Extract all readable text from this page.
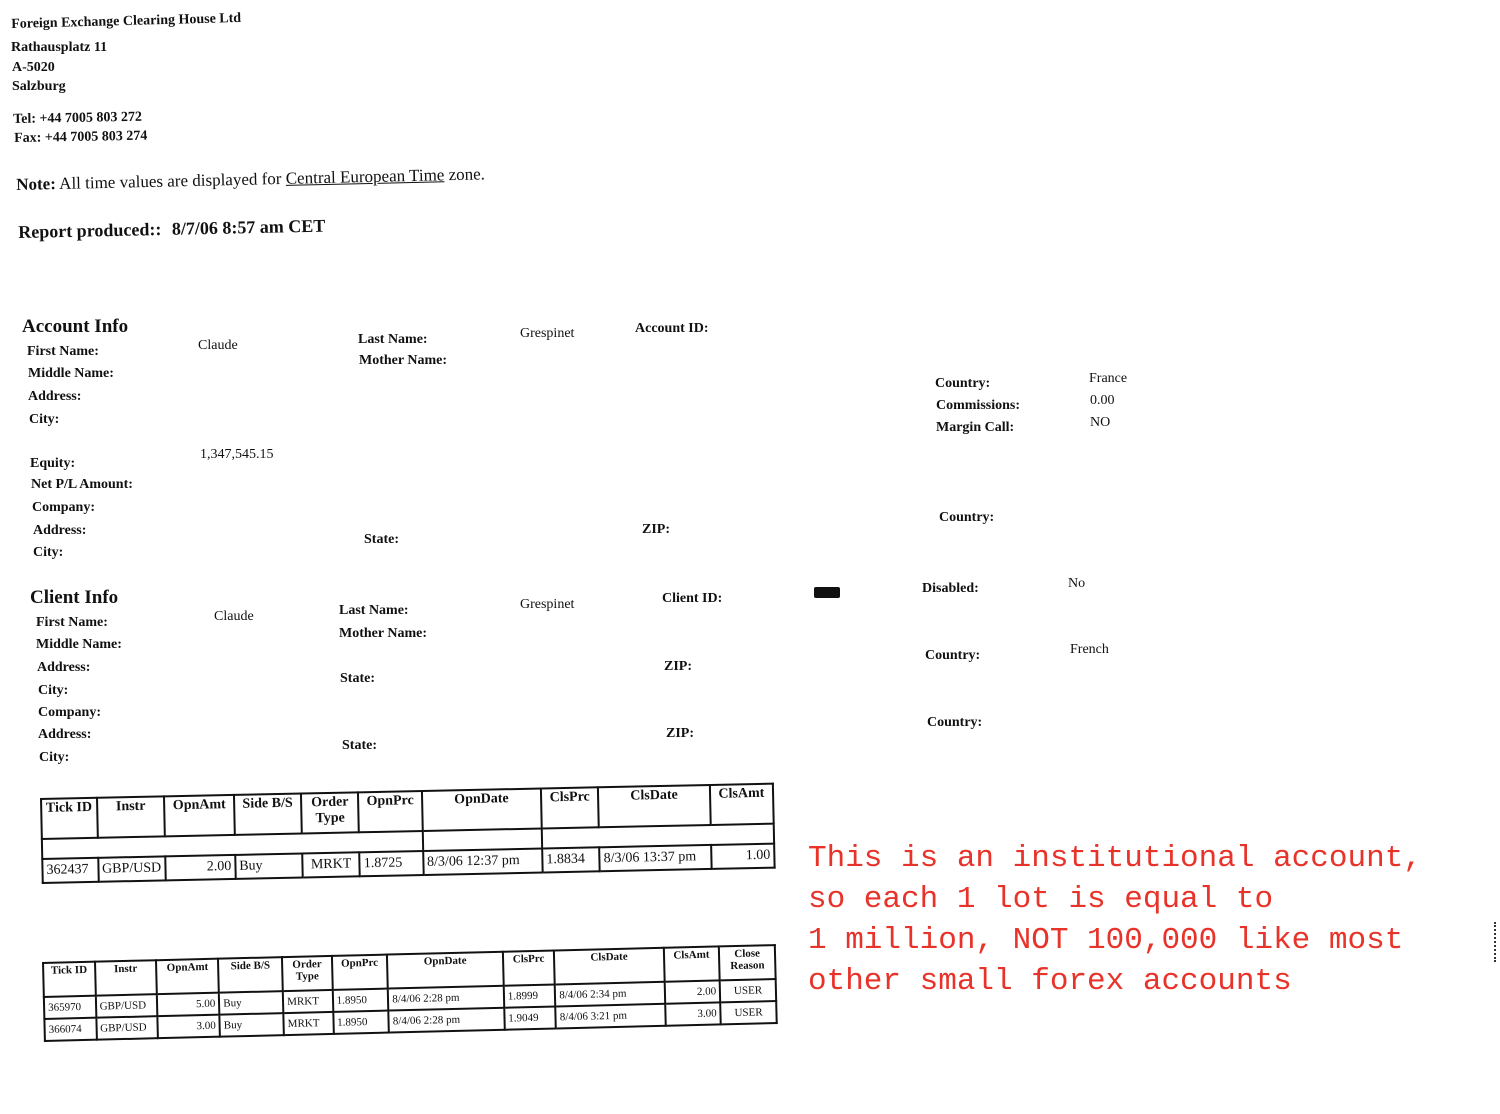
Foreign Exchange Clearing House Ltd
Rathausplatz 11
A-5020
Salzburg
Tel: +44 7005 803 272
Fax: +44 7005 803 274
Note: All time values are displayed for Central European Time zone.
Report produced:: 8/7/06 8:57 am CET
Account Info
First Name:	Claude	Last Name:	Grespinet	Account ID:
Middle Name:
Mother Name:
Address:
City:
Country:	France
Commissions:	0.00
Margin Call:	NO
Equity:
1,347,545.15
Net P/L Amount:
Company:
Address:
City:
State:
ZIP:
Country:
Client Info
First Name:	Claude	Last Name:	Grespinet	Client ID:
Disabled:	No
Middle Name:
Mother Name:
Address:
City:
State:
ZIP:
Country:	French
Company:
Address:
City:
State:
ZIP:
Country:
Tick ID	Instr	OpnAmt	Side B/S	Order Type	OpnPrc	OpnDate	ClsPrc	ClsDate	ClsAmt

362437	GBP/USD	2.00	Buy	MRKT	1.8725	8/3/06 12:37 pm	1.8834	8/3/06 13:37 pm	1.00
Tick ID	Instr	OpnAmt	Side B/S	Order Type	OpnPrc	OpnDate	ClsPrc	ClsDate	ClsAmt	Close Reason
365970	GBP/USD	5.00	Buy	MRKT	1.8950	8/4/06 2:28 pm	1.8999	8/4/06 2:34 pm	2.00	USER
366074	GBP/USD	3.00	Buy	MRKT	1.8950	8/4/06 2:28 pm	1.9049	8/4/06 3:21 pm	3.00	USER
This is an institutional account,
so each 1 lot is equal to
1 million, NOT 100,000 like most
other small forex accounts
